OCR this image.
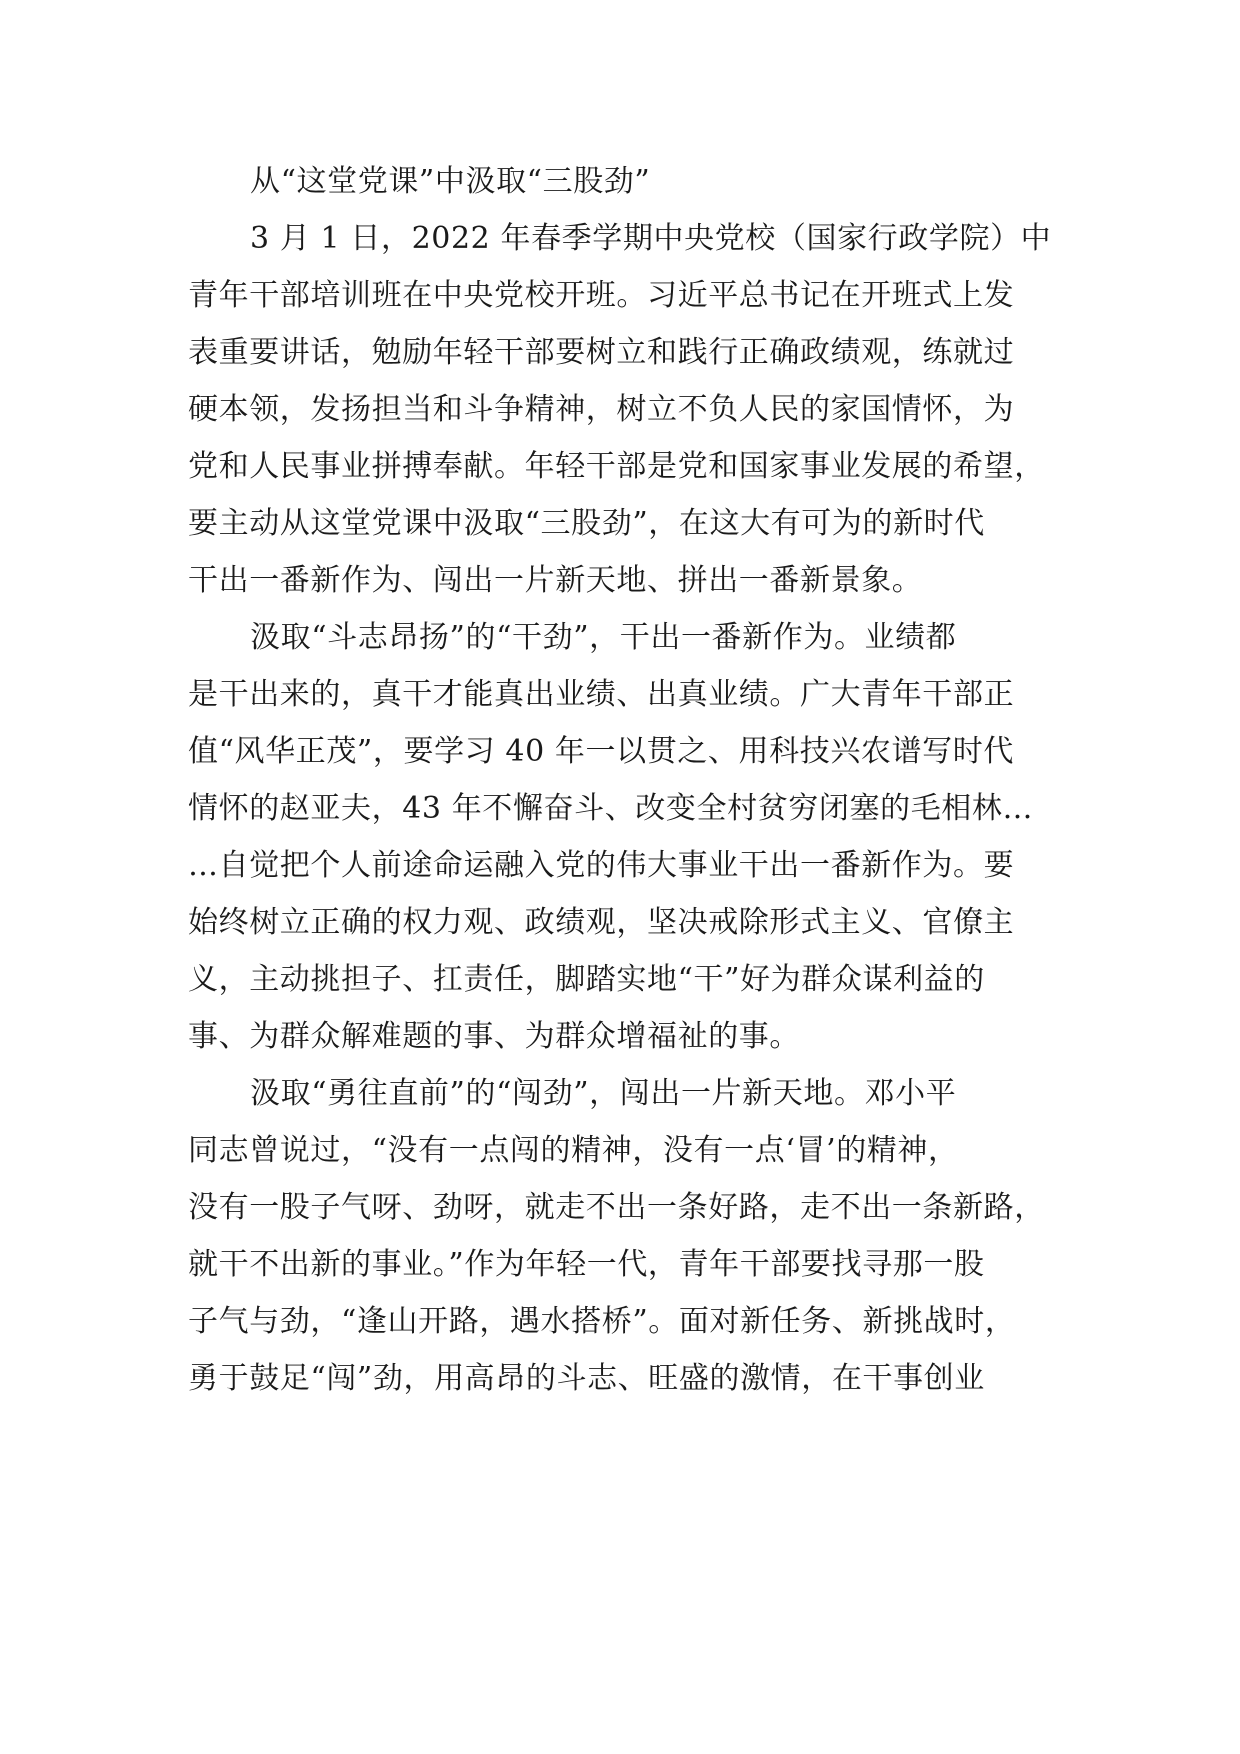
从“这堂党课”中汲取“三股劲”
3 月 1 日，2022 年春季学期中央党校（国家行政学院）中
青年干部培训班在中央党校开班。习近平总书记在开班式上发
表重要讲话，勉励年轻干部要树立和践行正确政绩观，练就过
硬本领，发扬担当和斗争精神，树立不负人民的家国情怀，为
党和人民事业拼搏奉献。年轻干部是党和国家事业发展的希望，
要主动从这堂党课中汲取“三股劲”，在这大有可为的新时代
干出一番新作为、闯出一片新天地、拼出一番新景象。
汲取“斗志昂扬”的“干劲”，干出一番新作为。业绩都
是干出来的，真干才能真出业绩、出真业绩。广大青年干部正
值“风华正茂”，要学习 40 年一以贯之、用科技兴农谱写时代
情怀的赵亚夫，43 年不懈奋斗、改变全村贫穷闭塞的毛相林…
…自觉把个人前途命运融入党的伟大事业干出一番新作为。要
始终树立正确的权力观、政绩观，坚决戒除形式主义、官僚主
义，主动挑担子、扛责任，脚踏实地“干”好为群众谋利益的
事、为群众解难题的事、为群众增福祉的事。
汲取“勇往直前”的“闯劲”，闯出一片新天地。邓小平
同志曾说过，“没有一点闯的精神，没有一点‘冒’的精神，
没有一股子气呀、劲呀，就走不出一条好路，走不出一条新路，
就干不出新的事业。”作为年轻一代，青年干部要找寻那一股
子气与劲，“逢山开路，遇水搭桥”。面对新任务、新挑战时，
勇于鼓足“闯”劲，用高昂的斗志、旺盛的激情，在干事创业
